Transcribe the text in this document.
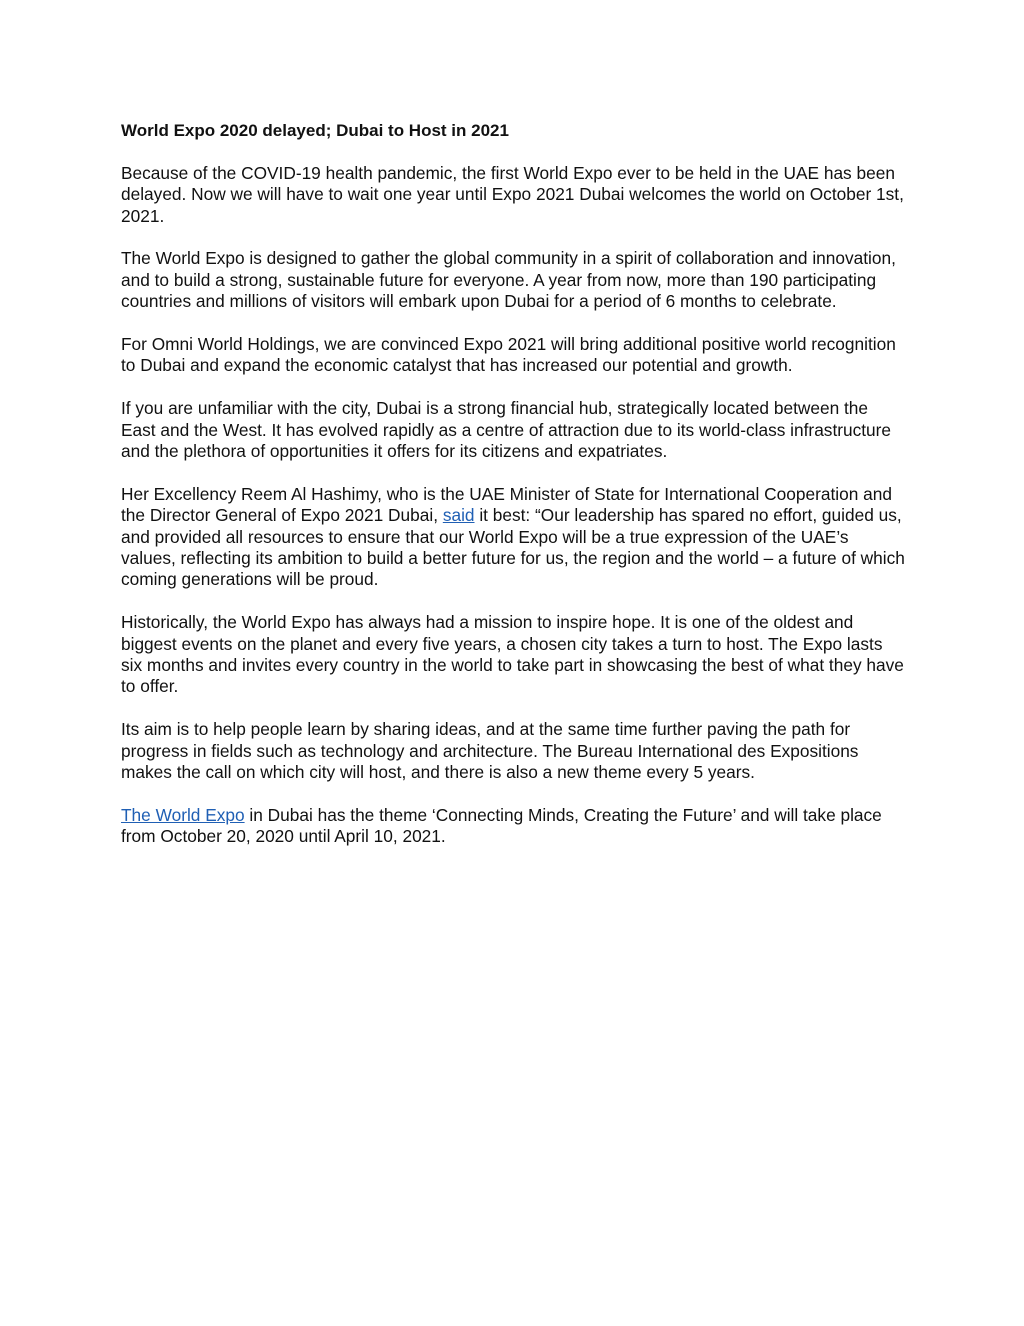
World Expo 2020 delayed; Dubai to Host in 2021

Because of the COVID-19 health pandemic, the first World Expo ever to be held in the UAE has been delayed. Now we will have to wait one year until Expo 2021 Dubai welcomes the world on October 1st, 2021.

The World Expo is designed to gather the global community in a spirit of collaboration and innovation, and to build a strong, sustainable future for everyone. A year from now, more than 190 participating countries and millions of visitors will embark upon Dubai for a period of 6 months to celebrate.

For Omni World Holdings, we are convinced Expo 2021 will bring additional positive world recognition to Dubai and expand the economic catalyst that has increased our potential and growth.

If you are unfamiliar with the city, Dubai is a strong financial hub, strategically located between the East and the West. It has evolved rapidly as a centre of attraction due to its world-class infrastructure and the plethora of opportunities it offers for its citizens and expatriates.

Her Excellency Reem Al Hashimy, who is the UAE Minister of State for International Cooperation and the Director General of Expo 2021 Dubai, said it best: “Our leadership has spared no effort, guided us, and provided all resources to ensure that our World Expo will be a true expression of the UAE’s values, reflecting its ambition to build a better future for us, the region and the world – a future of which coming generations will be proud.

Historically, the World Expo has always had a mission to inspire hope. It is one of the oldest and biggest events on the planet and every five years, a chosen city takes a turn to host. The Expo lasts six months and invites every country in the world to take part in showcasing the best of what they have to offer.

Its aim is to help people learn by sharing ideas, and at the same time further paving the path for progress in fields such as technology and architecture. The Bureau International des Expositions makes the call on which city will host, and there is also a new theme every 5 years.

The World Expo in Dubai has the theme ‘Connecting Minds, Creating the Future’ and will take place from October 20, 2020 until April 10, 2021.
